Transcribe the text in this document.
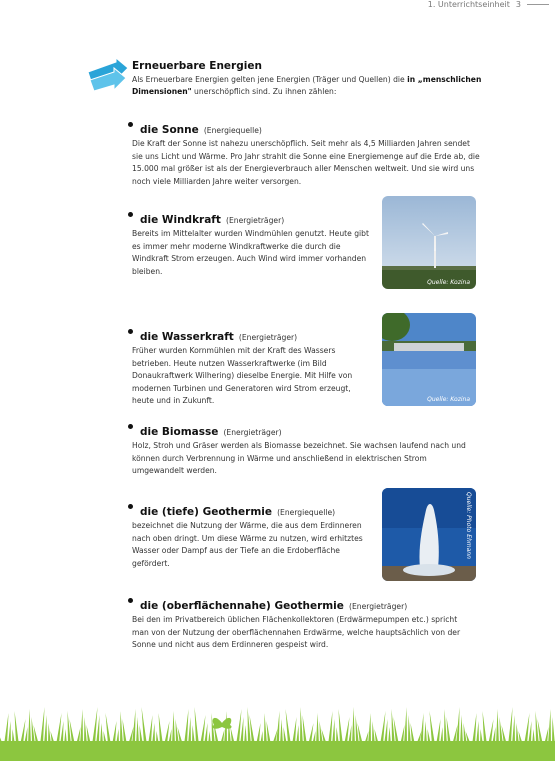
1. Unterrichtseinheit 3
Erneuerbare Energien

Als Erneuerbare Energien gelten jene Energien (Träger und Quellen) die in „menschlichen Dimensionen" unerschöpflich sind. Zu ihnen zählen:

die Sonne (Energiequelle)
Die Kraft der Sonne ist nahezu unerschöpflich. Seit mehr als 4,5 Milliarden Jahren sendet sie uns Licht und Wärme. Pro Jahr strahlt die Sonne eine Energiemenge auf die Erde ab, die 15.000 mal größer ist als der Energieverbrauch aller Menschen weltweit. Und sie wird uns noch viele Milliarden Jahre weiter versorgen.
die Windkraft (Energieträger)
Bereits im Mittelalter wurden Windmühlen genutzt. Heute gibt es immer mehr moderne Windkraftwerke die durch die Windkraft Strom erzeugen. Auch Wind wird immer vorhanden bleiben.
Quelle: Kozina
die Wasserkraft (Energieträger)
Früher wurden Kornmühlen mit der Kraft des Wassers betrieben. Heute nutzen Wasserkraftwerke (im Bild Donaukraftwerk Wilhering) dieselbe Energie. Mit Hilfe von modernen Turbinen und Generatoren wird Strom erzeugt, heute und in Zukunft.	Quelle: Kozina
die Biomasse (Energieträger)
Holz, Stroh und Gräser werden als Biomasse bezeichnet. Sie wachsen laufend nach und können durch Verbrennung in Wärme und anschließend in elektrischen Strom umgewandelt werden.
die (tiefe) Geothermie (Energiequelle)
bezeichnet die Nutzung der Wärme, die aus dem Erdinneren nach oben dringt. Um diese Wärme zu nutzen, wird erhitztes Wasser oder Dampf aus der Tiefe an die Erdoberfläche gefördert.
Quelle: Photo Ehmann
die (oberflächennahe) Geothermie (Energieträger)
Bei den im Privatbereich üblichen Flächenkollektoren (Erdwärmepumpen etc.) spricht man von der Nutzung der oberflächennahen Erdwärme, welche hauptsächlich von der Sonne und nicht aus dem Erdinneren gespeist wird.
